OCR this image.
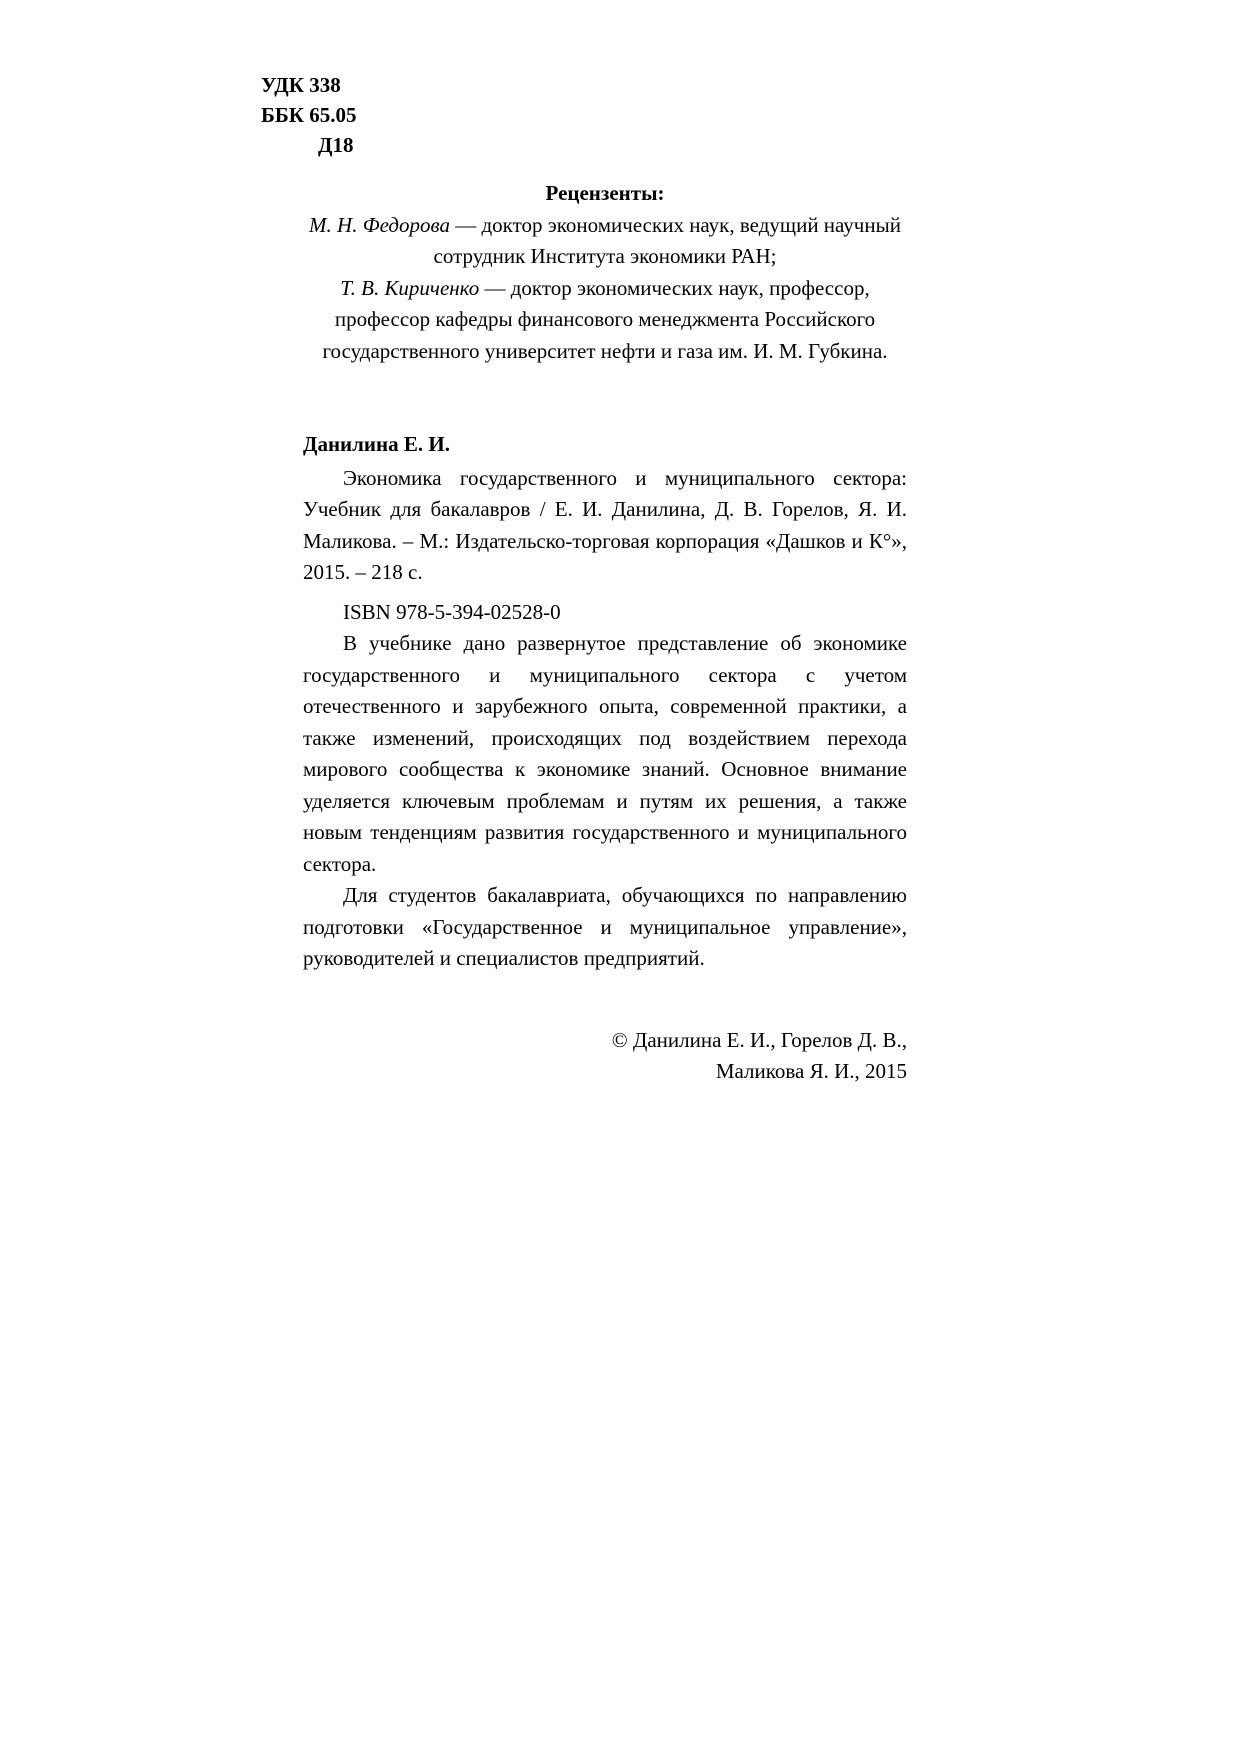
УДК 338
ББК 65.05
Д18

Рецензенты:

М. Н. Федорова — доктор экономических наук, ведущий научный сотрудник Института экономики РАН;

Т. В. Кириченко — доктор экономических наук, профессор, профессор кафедры финансового менеджмента Российского государственного университет нефти и газа им. И. М. Губкина.

Данилина Е. И.

Экономика государственного и муниципального сектора: Учебник для бакалавров / Е. И. Данилина, Д. В. Горелов, Я. И. Маликова. – М.: Издательско-торговая корпорация «Дашков и К°», 2015. – 218 с.

ISBN 978-5-394-02528-0

В учебнике дано развернутое представление об экономике государственного и муниципального сектора с учетом отечественного и зарубежного опыта, современной практики, а также изменений, происходящих под воздействием перехода мирового сообщества к экономике знаний. Основное внимание уделяется ключевым проблемам и путям их решения, а также новым тенденциям развития государственного и муниципального сектора.

Для студентов бакалавриата, обучающихся по направлению подготовки «Государственное и муниципальное управление», руководителей и специалистов предприятий.

© Данилина Е. И., Горелов Д. В.,

Маликова Я. И., 2015
